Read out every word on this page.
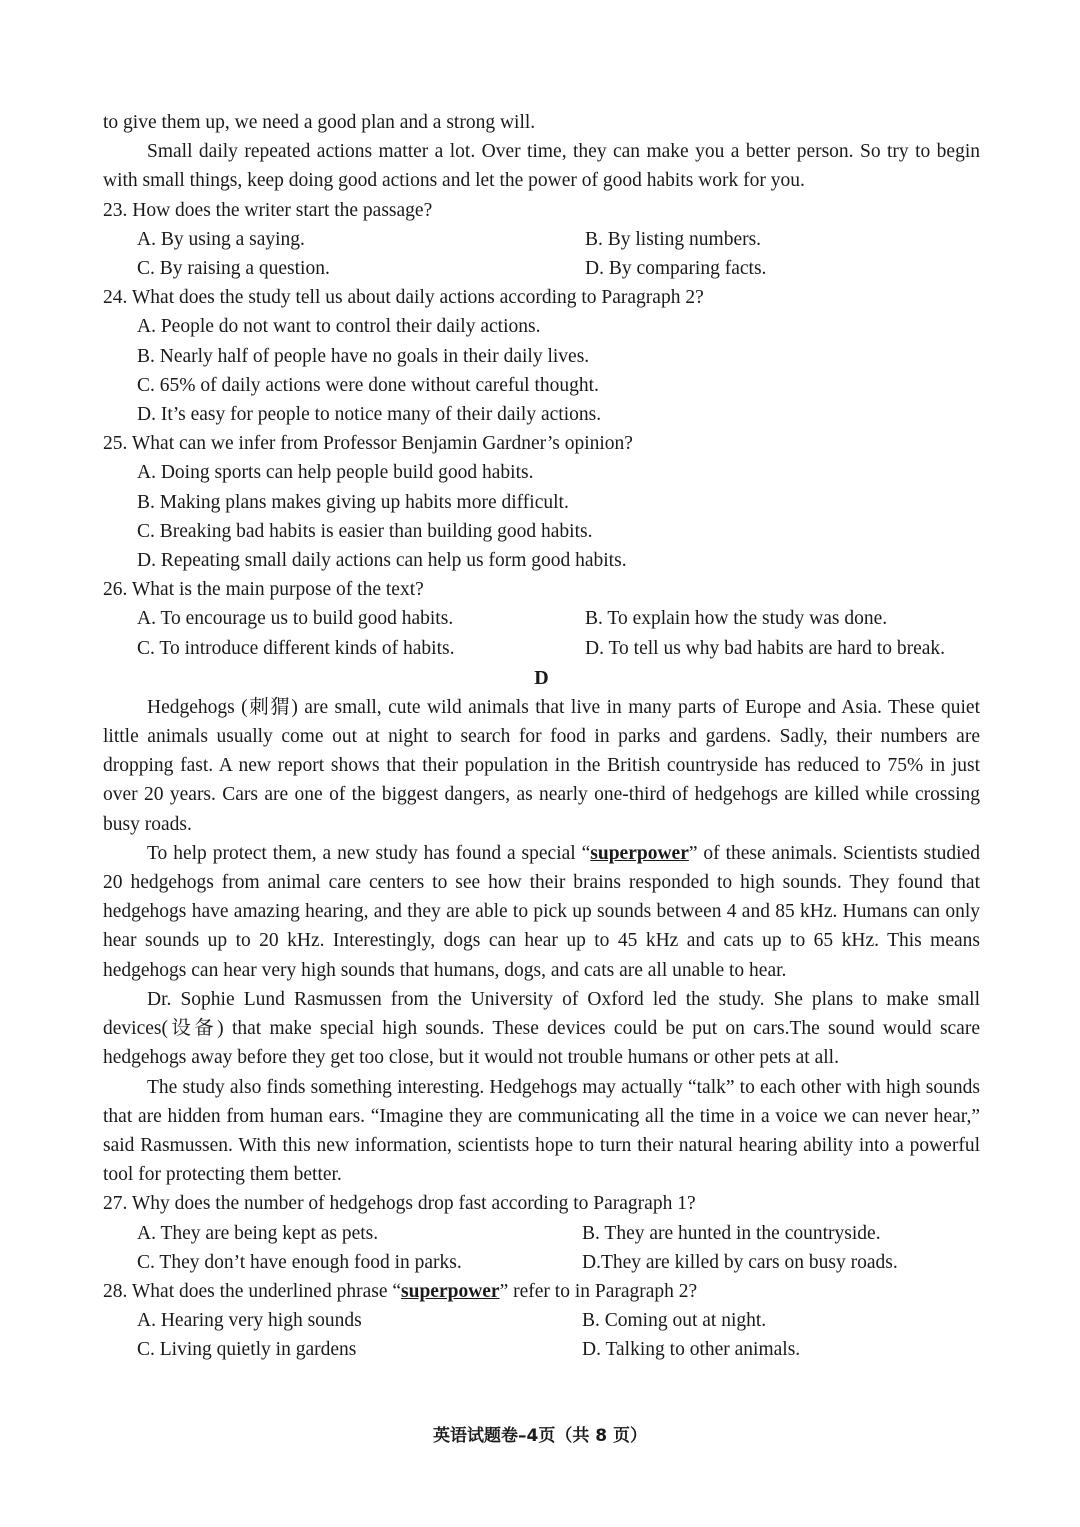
to give them up, we need a good plan and a strong will.

Small daily repeated actions matter a lot. Over time, they can make you a better person. So try to begin with small things, keep doing good actions and let the power of good habits work for you.

23. How does the writer start the passage?
A. By using a saying.	B. By listing numbers.
C. By raising a question.	D. By comparing facts.
24. What does the study tell us about daily actions according to Paragraph 2?
A. People do not want to control their daily actions.
B. Nearly half of people have no goals in their daily lives.
C. 65% of daily actions were done without careful thought.
D. It’s easy for people to notice many of their daily actions.
25. What can we infer from Professor Benjamin Gardner’s opinion?
A. Doing sports can help people build good habits.
B. Making plans makes giving up habits more difficult.
C. Breaking bad habits is easier than building good habits.
D. Repeating small daily actions can help us form good habits.
26. What is the main purpose of the text?
A. To encourage us to build good habits.	B. To explain how the study was done.
C. To introduce different kinds of habits.	D. To tell us why bad habits are hard to break.
D

Hedgehogs (刺猬) are small, cute wild animals that live in many parts of Europe and Asia. These quiet little animals usually come out at night to search for food in parks and gardens. Sadly, their numbers are dropping fast. A new report shows that their population in the British countryside has reduced to 75% in just over 20 years. Cars are one of the biggest dangers, as nearly one-third of hedgehogs are killed while crossing busy roads.

To help protect them, a new study has found a special “superpower” of these animals. Scientists studied 20 hedgehogs from animal care centers to see how their brains responded to high sounds. They found that hedgehogs have amazing hearing, and they are able to pick up sounds between 4 and 85 kHz. Humans can only hear sounds up to 20 kHz. Interestingly, dogs can hear up to 45 kHz and cats up to 65 kHz. This means hedgehogs can hear very high sounds that humans, dogs, and cats are all unable to hear.

Dr. Sophie Lund Rasmussen from the University of Oxford led the study. She plans to make small devices(设备) that make special high sounds. These devices could be put on cars.The sound would scare hedgehogs away before they get too close, but it would not trouble humans or other pets at all.

The study also finds something interesting. Hedgehogs may actually “talk” to each other with high sounds that are hidden from human ears. “Imagine they are communicating all the time in a voice we can never hear,” said Rasmussen. With this new information, scientists hope to turn their natural hearing ability into a powerful tool for protecting them better.

27. Why does the number of hedgehogs drop fast according to Paragraph 1?
A. They are being kept as pets.	B. They are hunted in the countryside.
C. They don’t have enough food in parks.	D.They are killed by cars on busy roads.
28. What does the underlined phrase “superpower” refer to in Paragraph 2?
A. Hearing very high sounds	B. Coming out at night.
C. Living quietly in gardens	D. Talking to other animals.
英语试题卷–4页（共 8 页）
